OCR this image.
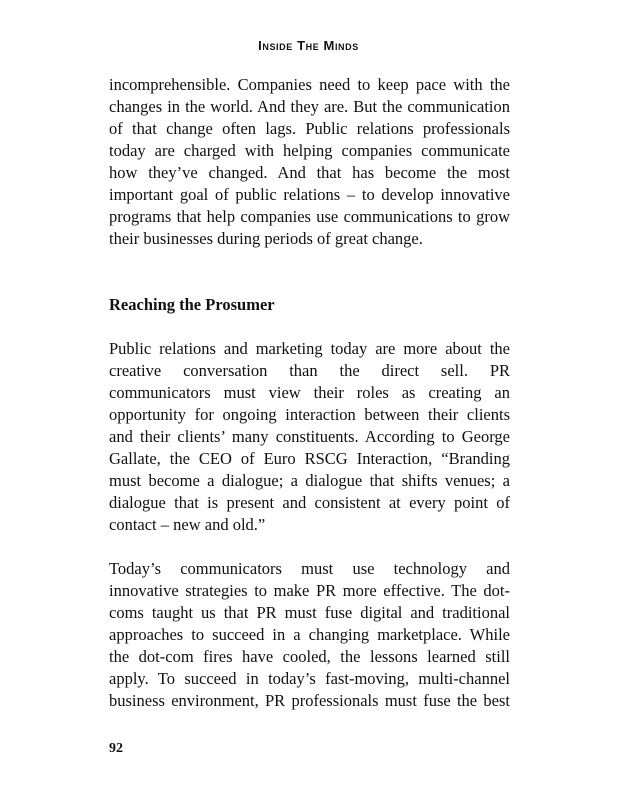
Inside The Minds
incomprehensible. Companies need to keep pace with the
changes in the world. And they are. But the communication
of that change often lags. Public relations professionals
today are charged with helping companies communicate
how they’ve changed. And that has become the most
important goal of public relations – to develop innovative
programs that help companies use communications to grow
their businesses during periods of great change.
Reaching the Prosumer
Public relations and marketing today are more about the
creative conversation than the direct sell. PR
communicators must view their roles as creating an
opportunity for ongoing interaction between their clients
and their clients’ many constituents. According to George
Gallate, the CEO of Euro RSCG Interaction, “Branding
must become a dialogue; a dialogue that shifts venues; a
dialogue that is present and consistent at every point of
contact – new and old.”
Today’s communicators must use technology and
innovative strategies to make PR more effective. The dot-
coms taught us that PR must fuse digital and traditional
approaches to succeed in a changing marketplace. While
the dot-com fires have cooled, the lessons learned still
apply. To succeed in today’s fast-moving, multi-channel
business environment, PR professionals must fuse the best
92
